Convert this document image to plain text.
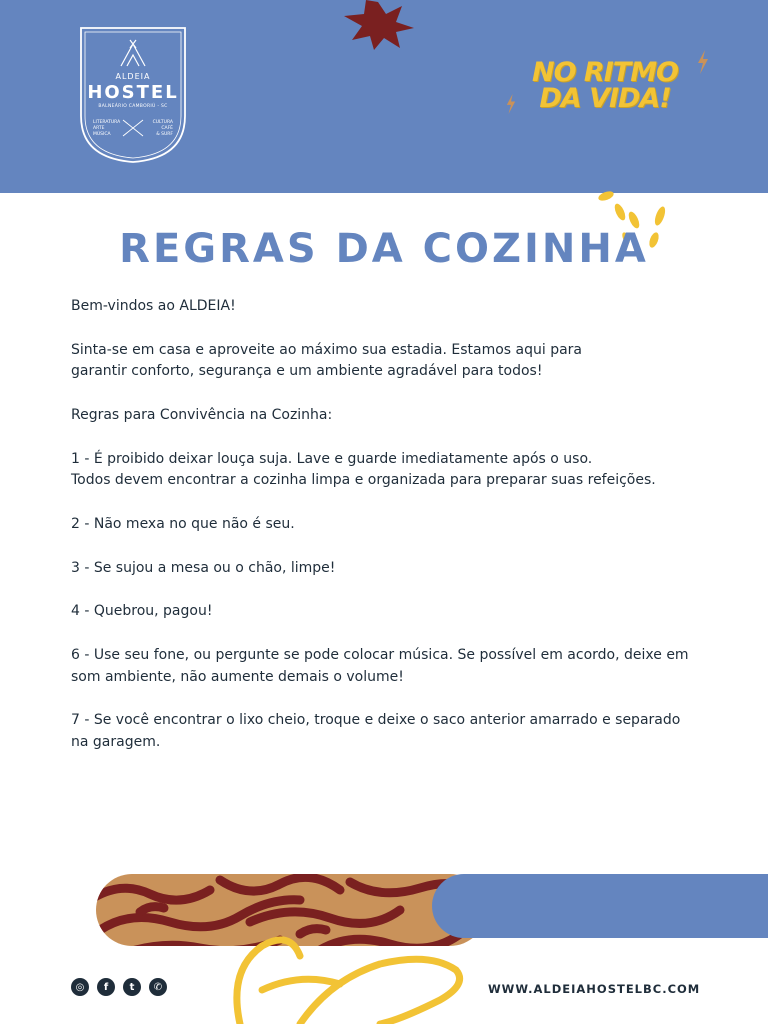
ALDEIA
HOSTEL
BALNEÁRIO CAMBORIÚ - SC
LITERATURA
ARTE
MÚSICA
CULTURA
CAFÉ
& SURF
NO RITMO
DA VIDA!
REGRAS DA COZINHA

Bem-vindos ao ALDEIA!

Sinta-se em casa e aproveite ao máximo sua estadia. Estamos aqui para

garantir conforto, segurança e um ambiente agradável para todos!

Regras para Convivência na Cozinha:

1 - É proibido deixar louça suja. Lave e guarde imediatamente após o uso.

Todos devem encontrar a cozinha limpa e organizada para preparar suas refeições.

2 - Não mexa no que não é seu.

3 - Se sujou a mesa ou o chão, limpe!

4 - Quebrou, pagou!

6 - Use seu fone, ou pergunte se pode colocar música. Se possível em acordo, deixe em

som ambiente, não aumente demais o volume!

7 - Se você encontrar o lixo cheio, troque e deixe o saco anterior amarrado e separado

na garagem.

◎	f	t	✆	WWW.ALDEIAHOSTELBC.COM
